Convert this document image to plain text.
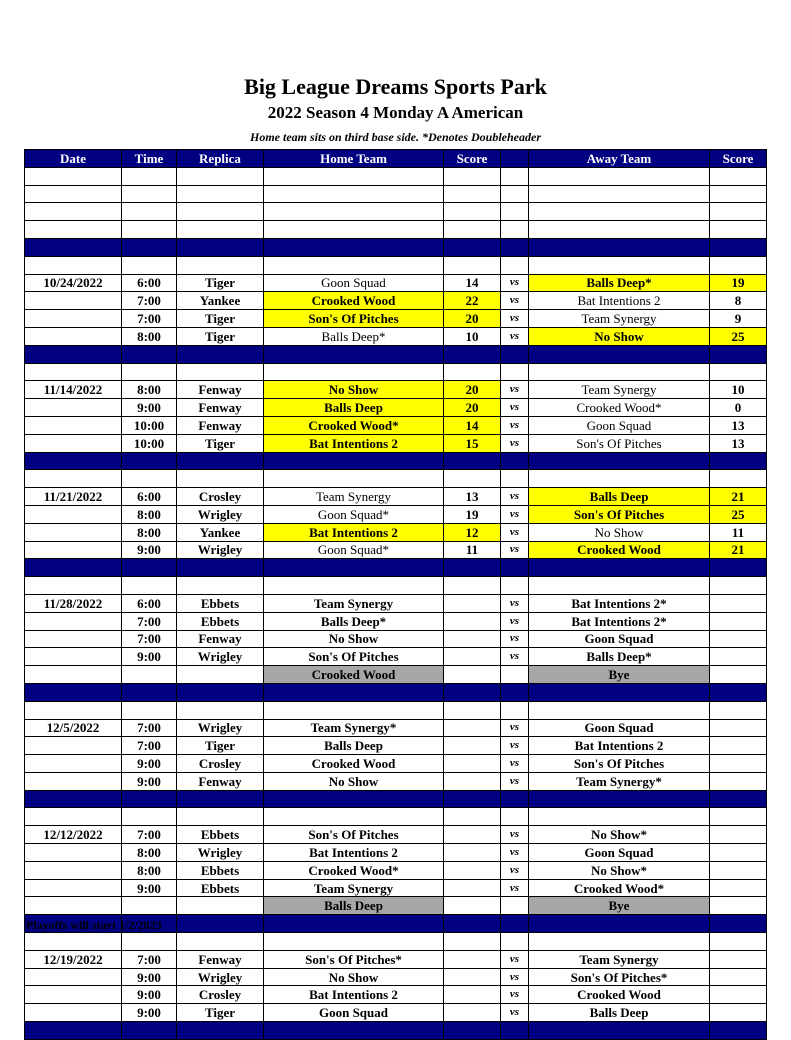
Big League Dreams Sports Park
2022 Season 4 Monday A American
Home team sits on third base side. *Denotes Doubleheader
Date	Time	Replica	Home Team	Score		Away Team	Score

10/24/2022	6:00	Tiger	Goon Squad	14	vs	Balls Deep*	19
	7:00	Yankee	Crooked Wood	22	vs	Bat Intentions 2	8
	7:00	Tiger	Son's Of Pitches	20	vs	Team Synergy	9
	8:00	Tiger	Balls Deep*	10	vs	No Show	25

11/14/2022	8:00	Fenway	No Show	20	vs	Team Synergy	10
	9:00	Fenway	Balls Deep	20	vs	Crooked Wood*	0
	10:00	Fenway	Crooked Wood*	14	vs	Goon Squad	13
	10:00	Tiger	Bat Intentions 2	15	vs	Son's Of Pitches	13

11/21/2022	6:00	Crosley	Team Synergy	13	vs	Balls Deep	21
	8:00	Wrigley	Goon Squad*	19	vs	Son's Of Pitches	25
	8:00	Yankee	Bat Intentions 2	12	vs	No Show	11
	9:00	Wrigley	Goon Squad*	11	vs	Crooked Wood	21

11/28/2022	6:00	Ebbets	Team Synergy		vs	Bat Intentions 2*	
	7:00	Ebbets	Balls Deep*		vs	Bat Intentions 2*	
	7:00	Fenway	No Show		vs	Goon Squad	
	9:00	Wrigley	Son's Of Pitches		vs	Balls Deep*	
			Crooked Wood			Bye	

12/5/2022	7:00	Wrigley	Team Synergy*		vs	Goon Squad	
	7:00	Tiger	Balls Deep		vs	Bat Intentions 2	
	9:00	Crosley	Crooked Wood		vs	Son's Of Pitches	
	9:00	Fenway	No Show		vs	Team Synergy*	

12/12/2022	7:00	Ebbets	Son's Of Pitches		vs	No Show*	
	8:00	Wrigley	Bat Intentions 2		vs	Goon Squad	
	8:00	Ebbets	Crooked Wood*		vs	No Show*	
	9:00	Ebbets	Team Synergy		vs	Crooked Wood*	
			Balls Deep			Bye	

12/19/2022	7:00	Fenway	Son's Of Pitches*		vs	Team Synergy	
	9:00	Wrigley	No Show		vs	Son's Of Pitches*	
	9:00	Crosley	Bat Intentions 2		vs	Crooked Wood	
	9:00	Tiger	Goon Squad		vs	Balls Deep	

Playoffs will start 1/2/2023
